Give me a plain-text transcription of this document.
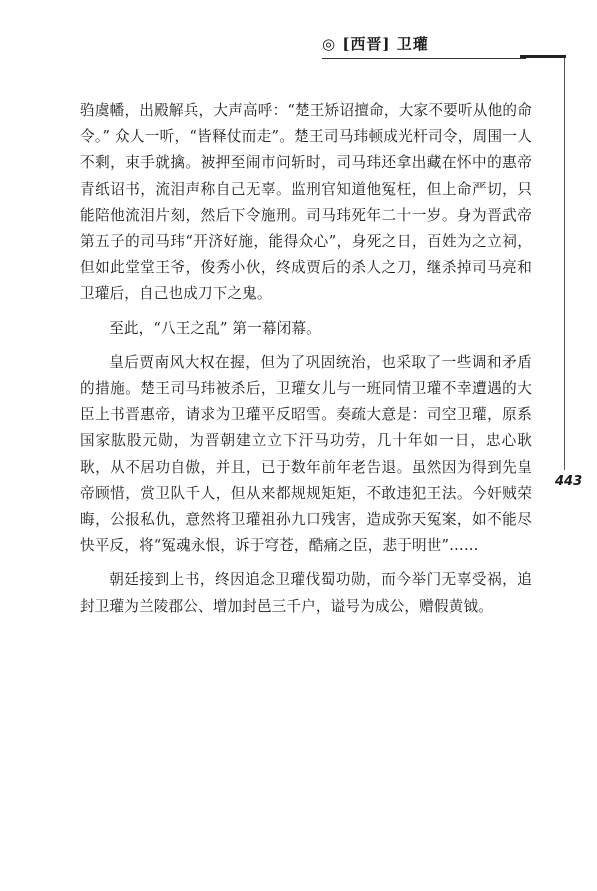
◎ [西晋] 卫瓘
443

驺虞幡，出殿解兵，大声高呼：“楚王矫诏擅命，大家不要听从他的命令。” 众人一听，“皆释仗而走”。楚王司马玮顿成光杆司令，周围一人不剩，束手就擒。被押至闹市问斩时，司马玮还拿出藏在怀中的惠帝青纸诏书，流泪声称自己无辜。监刑官知道他冤枉，但上命严切，只能陪他流泪片刻，然后下令施刑。司马玮死年二十一岁。身为晋武帝第五子的司马玮“开济好施，能得众心”，身死之日，百姓为之立祠，但如此堂堂王爷，俊秀小伙，终成贾后的杀人之刀，继杀掉司马亮和卫瓘后，自己也成刀下之鬼。

至此，“八王之乱” 第一幕闭幕。

皇后贾南风大权在握，但为了巩固统治，也采取了一些调和矛盾的措施。楚王司马玮被杀后，卫瓘女儿与一班同情卫瓘不幸遭遇的大臣上书晋惠帝，请求为卫瓘平反昭雪。奏疏大意是：司空卫瓘，原系国家肱股元勋，为晋朝建立立下汗马功劳，几十年如一日，忠心耿耿，从不居功自傲，并且，已于数年前年老告退。虽然因为得到先皇帝顾惜，赏卫队千人，但从来都规规矩矩，不敢违犯王法。今奸贼荣晦，公报私仇，意然将卫瓘祖孙九口残害，造成弥天冤案，如不能尽快平反，将“冤魂永恨，诉于穹苍，酷痛之臣，悲于明世”……

朝廷接到上书，终因追念卫瓘伐蜀功勋，而今举门无辜受祸，追封卫瓘为兰陵郡公、增加封邑三千户，谥号为成公，赠假黄钺。
